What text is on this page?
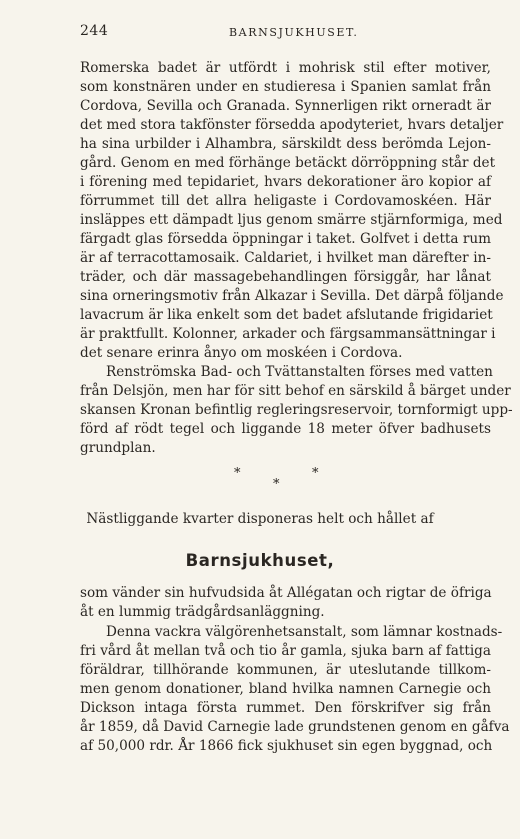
244	BARNSJUKHUSET.
Romerska badet är utfördt i mohrisk stil efter motiver,
som konstnären under en studieresa i Spanien samlat från
Cordova, Sevilla och Granada. Synnerligen rikt orneradt är
det med stora takfönster försedda apodyteriet, hvars detaljer
ha sina urbilder i Alhambra, särskildt dess berömda Lejon-
gård. Genom en med förhänge betäckt dörröppning står det
i förening med tepidariet, hvars dekorationer äro kopior af
förrummet till det allra heligaste i Cordovamoskéen. Här
insläppes ett dämpadt ljus genom smärre stjärnformiga, med
färgadt glas försedda öppningar i taket. Golfvet i detta rum
är af terracottamosaik. Caldariet, i hvilket man därefter in-
träder, och där massagebehandlingen försiggår, har lånat
sina orneringsmotiv från Alkazar i Sevilla. Det därpå följande
lavacrum är lika enkelt som det badet afslutande frigidariet
är praktfullt. Kolonner, arkader och färgsammansättningar i
det senare erinra ånyo om moskéen i Cordova.
Renströmska Bad- och Tvättanstalten förses med vatten
från Delsjön, men har för sitt behof en särskild å bärget under
skansen Kronan befintlig regleringsreservoir, tornformigt upp-
förd af rödt tegel och liggande 18 meter öfver badhusets
grundplan.
*	*
*
Nästliggande kvarter disponeras helt och hållet af
Barnsjukhuset,
som vänder sin hufvudsida åt Allégatan och rigtar de öfriga
åt en lummig trädgårdsanläggning.
Denna vackra välgörenhetsanstalt, som lämnar kostnads-
fri vård åt mellan två och tio år gamla, sjuka barn af fattiga
föräldrar, tillhörande kommunen, är uteslutande tillkom-
men genom donationer, bland hvilka namnen Carnegie och
Dickson intaga första rummet. Den förskrifver sig från
år 1859, då David Carnegie lade grundstenen genom en gåfva
af 50,000 rdr. År 1866 fick sjukhuset sin egen byggnad, och
